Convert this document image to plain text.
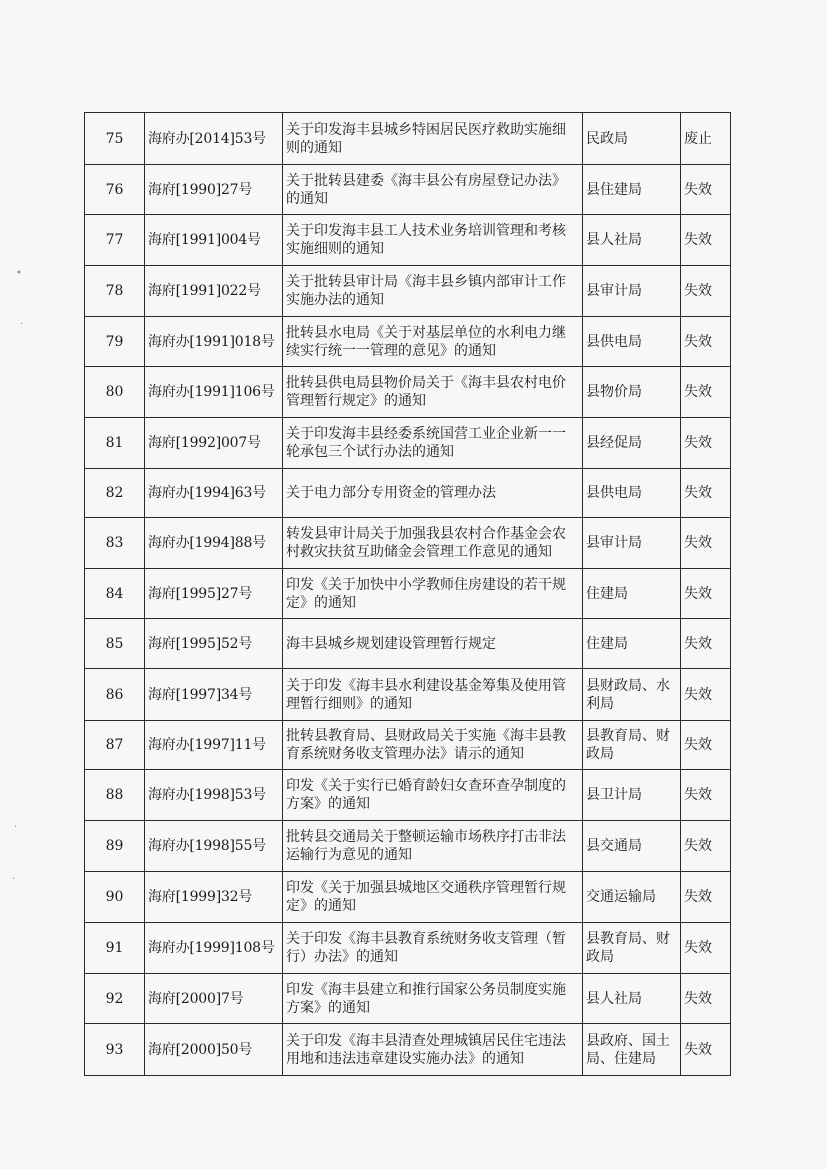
•
.
·
·
75	海府办[2014]53号	关于印发海丰县城乡特困居民医疗救助实施细则的通知	民政局	废止
76	海府[1990]27号	关于批转县建委《海丰县公有房屋登记办法》的通知	县住建局	失效
77	海府[1991]004号	关于印发海丰县工人技术业务培训管理和考核实施细则的通知	县人社局	失效
78	海府[1991]022号	关于批转县审计局《海丰县乡镇内部审计工作实施办法的通知	县审计局	失效
79	海府办[1991]018号	批转县水电局《关于对基层单位的水利电力继续实行统一一管理的意见》的通知	县供电局	失效
80	海府办[1991]106号	批转县供电局县物价局关于《海丰县农村电价管理暂行规定》的通知	县物价局	失效
81	海府[1992]007号	关于印发海丰县经委系统国营工业企业新一一轮承包三个试行办法的通知	县经促局	失效
82	海府办[1994]63号	关于电力部分专用资金的管理办法	县供电局	失效
83	海府办[1994]88号	转发县审计局关于加强我县农村合作基金会农村救灾扶贫互助储金会管理工作意见的通知	县审计局	失效
84	海府[1995]27号	印发《关于加快中小学教师住房建设的若干规定》的通知	住建局	失效
85	海府[1995]52号	海丰县城乡规划建设管理暂行规定	住建局	失效
86	海府[1997]34号	关于印发《海丰县水利建设基金筹集及使用管理暂行细则》的通知	县财政局、水利局	失效
87	海府办[1997]11号	批转县教育局、县财政局关于实施《海丰县教育系统财务收支管理办法》请示的通知	县教育局、财政局	失效
88	海府办[1998]53号	印发《关于实行已婚育龄妇女查环查孕制度的方案》的通知	县卫计局	失效
89	海府办[1998]55号	批转县交通局关于整顿运输市场秩序打击非法运输行为意见的通知	县交通局	失效
90	海府[1999]32号	印发《关于加强县城地区交通秩序管理暂行规定》的通知	交通运输局	失效
91	海府办[1999]108号	关于印发《海丰县教育系统财务收支管理（暂行）办法》的通知	县教育局、财政局	失效
92	海府[2000]7号	印发《海丰县建立和推行国家公务员制度实施方案》的通知	县人社局	失效
93	海府[2000]50号	关于印发《海丰县清查处理城镇居民住宅违法用地和违法违章建设实施办法》的通知	县政府、国土局、住建局	失效
